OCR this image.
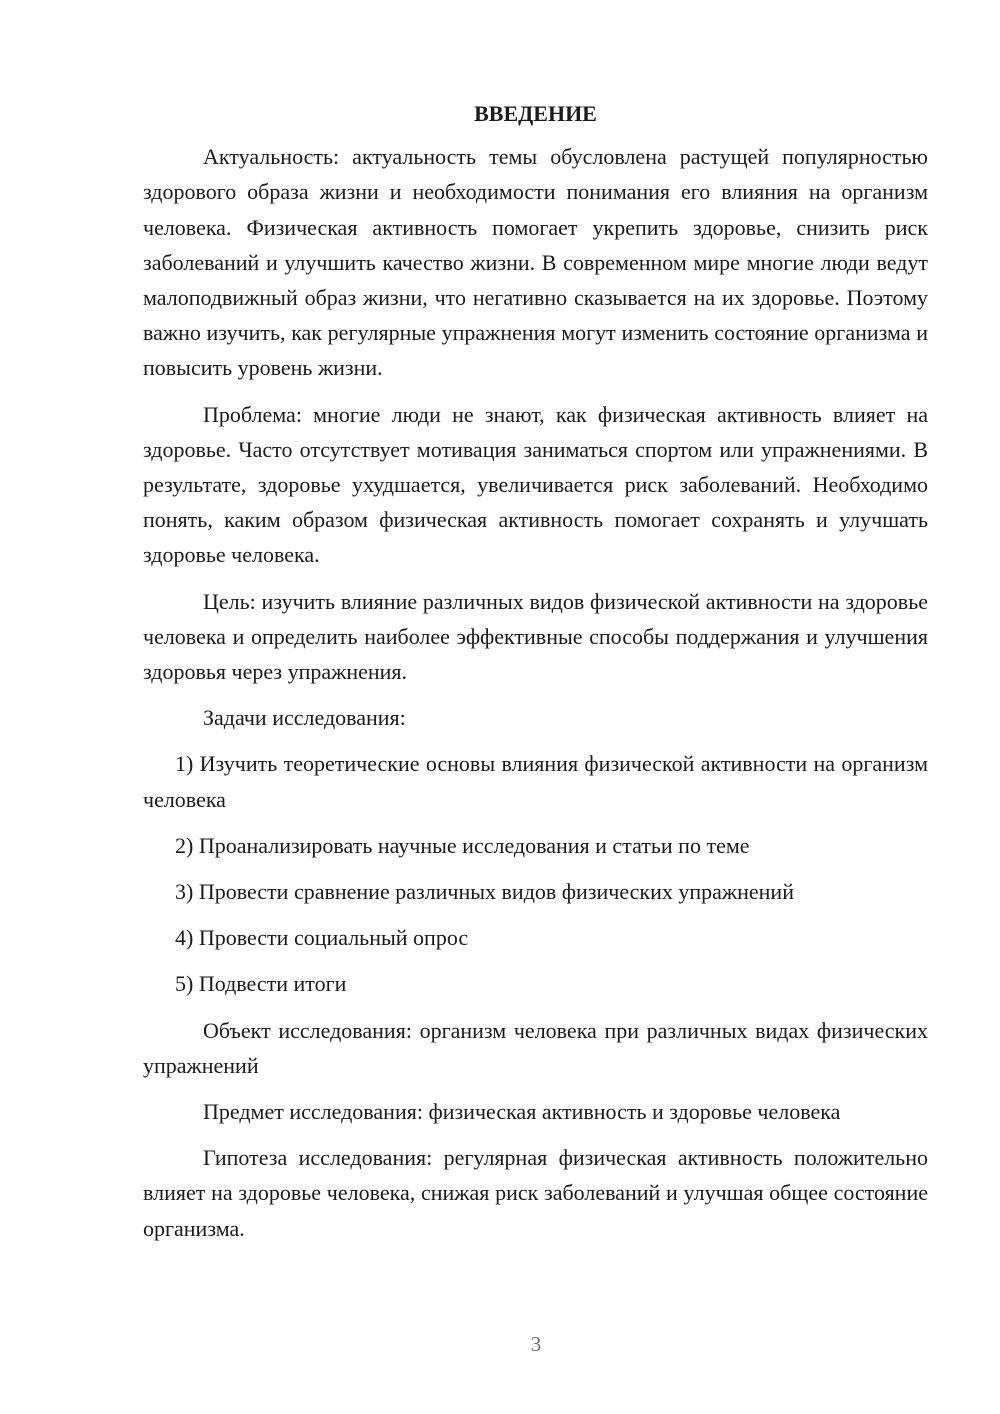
ВВЕДЕНИЕ

Актуальность: актуальность темы обусловлена растущей популярностью здорового образа жизни и необходимости понимания его влияния на организм человека. Физическая активность помогает укрепить здоровье, снизить риск заболеваний и улучшить качество жизни. В современном мире многие люди ведут малоподвижный образ жизни, что негативно сказывается на их здоровье. Поэтому важно изучить, как регулярные упражнения могут изменить состояние организма и повысить уровень жизни.

Проблема: многие люди не знают, как физическая активность влияет на здоровье. Часто отсутствует мотивация заниматься спортом или упражнениями. В результате, здоровье ухудшается, увеличивается риск заболеваний. Необходимо понять, каким образом физическая активность помогает сохранять и улучшать здоровье человека.

Цель: изучить влияние различных видов физической активности на здоровье человека и определить наиболее эффективные способы поддержания и улучшения здоровья через упражнения.

Задачи исследования:

1) Изучить теоретические основы влияния физической активности на организм человека

2) Проанализировать научные исследования и статьи по теме

3) Провести сравнение различных видов физических упражнений

4) Провести социальный опрос

5) Подвести итоги

Объект исследования: организм человека при различных видах физических упражнений

Предмет исследования: физическая активность и здоровье человека

Гипотеза исследования: регулярная физическая активность положительно влияет на здоровье человека, снижая риск заболеваний и улучшая общее состояние организма.

3
